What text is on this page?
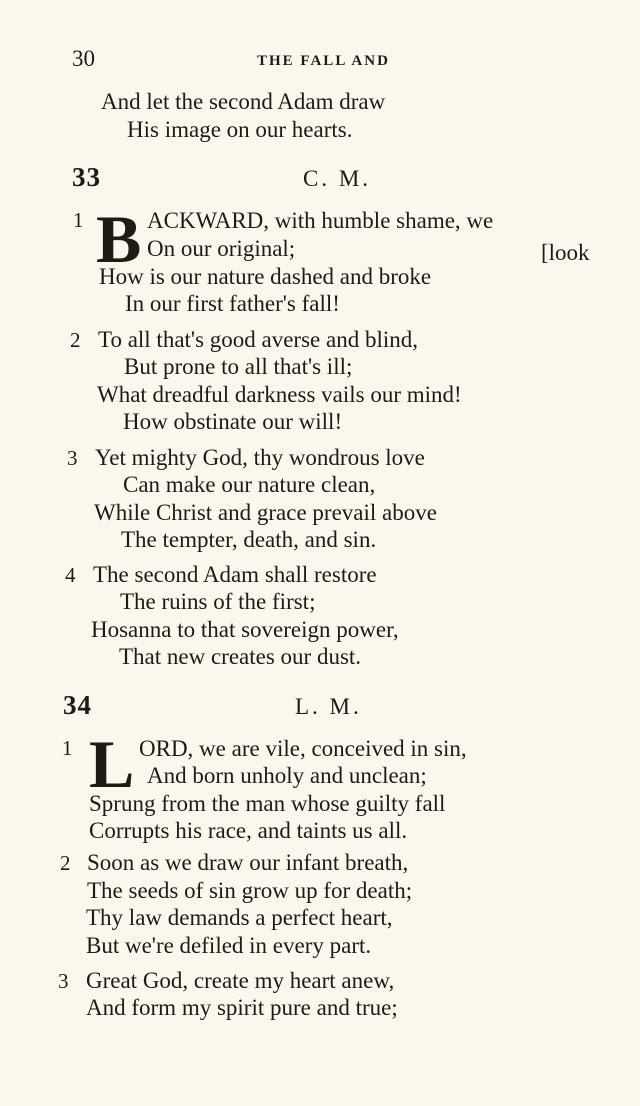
30	THE FALL AND
And let the second Adam draw
His image on our hearts.
33	C. M.
1 B ACKWARD, with humble shame, we
On our original;	[look
How is our nature dashed and broke
In our first father's fall!
2 To all that's good averse and blind,
But prone to all that's ill;
What dreadful darkness vails our mind!
How obstinate our will!
3 Yet mighty God, thy wondrous love
Can make our nature clean,
While Christ and grace prevail above
The tempter, death, and sin.
4 The second Adam shall restore
The ruins of the first;
Hosanna to that sovereign power,
That new creates our dust.
34	L. M.
1 L ORD, we are vile, conceived in sin,
And born unholy and unclean;
Sprung from the man whose guilty fall
Corrupts his race, and taints us all.
2 Soon as we draw our infant breath,
The seeds of sin grow up for death;
Thy law demands a perfect heart,
But we're defiled in every part.
3 Great God, create my heart anew,
And form my spirit pure and true;
